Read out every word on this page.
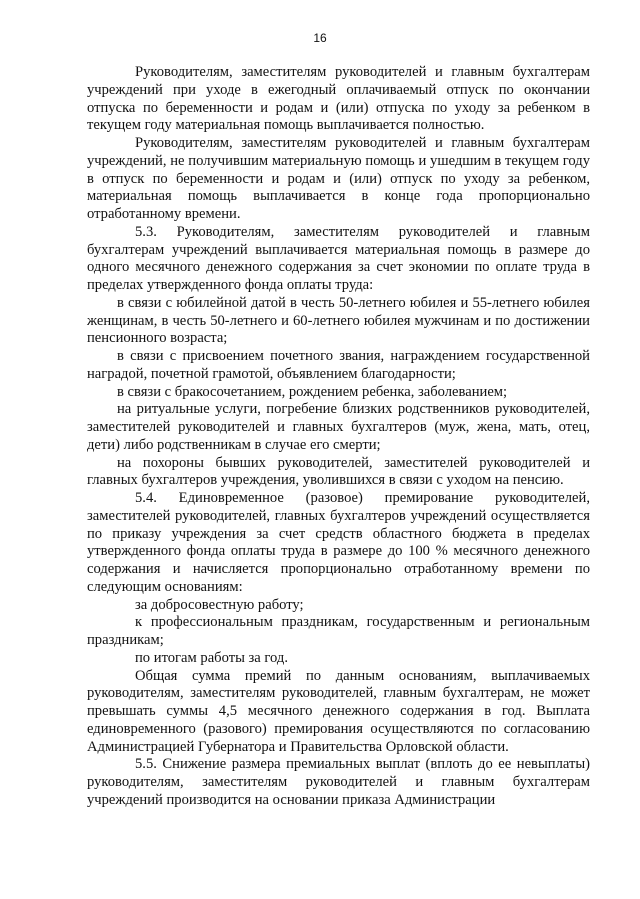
16

Руководителям, заместителям руководителей и главным бухгалтерам учреждений при уходе в ежегодный оплачиваемый отпуск по окончании отпуска по беременности и родам и (или) отпуска по уходу за ребенком в текущем году материальная помощь выплачивается полностью.

Руководителям, заместителям руководителей и главным бухгалтерам учреждений, не получившим материальную помощь и ушедшим в текущем году в отпуск по беременности и родам и (или) отпуск по уходу за ребенком, материальная помощь выплачивается в конце года пропорционально отработанному времени.

5.3. Руководителям, заместителям руководителей и главным бухгалтерам учреждений выплачивается материальная помощь в размере до одного месячного денежного содержания за счет экономии по оплате труда в пределах утвержденного фонда оплаты труда:

в связи с юбилейной датой в честь 50-летнего юбилея и 55-летнего юбилея женщинам, в честь 50-летнего и 60-летнего юбилея мужчинам и по достижении пенсионного возраста;

в связи с присвоением почетного звания, награждением государственной наградой, почетной грамотой, объявлением благодарности;

в связи с бракосочетанием, рождением ребенка, заболеванием;

на ритуальные услуги, погребение близких родственников руководителей, заместителей руководителей и главных бухгалтеров (муж, жена, мать, отец, дети) либо родственникам в случае его смерти;

на похороны бывших руководителей, заместителей руководителей и главных бухгалтеров учреждения, уволившихся в связи с уходом на пенсию.

5.4. Единовременное (разовое) премирование руководителей, заместителей руководителей, главных бухгалтеров учреждений осуществляется по приказу учреждения за счет средств областного бюджета в пределах утвержденного фонда оплаты труда в размере до 100 % месячного денежного содержания и начисляется пропорционально отработанному времени по следующим основаниям:

за добросовестную работу;

к профессиональным праздникам, государственным и региональным праздникам;

по итогам работы за год.

Общая сумма премий по данным основаниям, выплачиваемых руководителям, заместителям руководителей, главным бухгалтерам, не может превышать суммы 4,5 месячного денежного содержания в год. Выплата единовременного (разового) премирования осуществляются по согласованию Администрацией Губернатора и Правительства Орловской области.

5.5. Снижение размера премиальных выплат (вплоть до ее невыплаты) руководителям, заместителям руководителей и главным бухгалтерам учреждений производится на основании приказа Администрации
